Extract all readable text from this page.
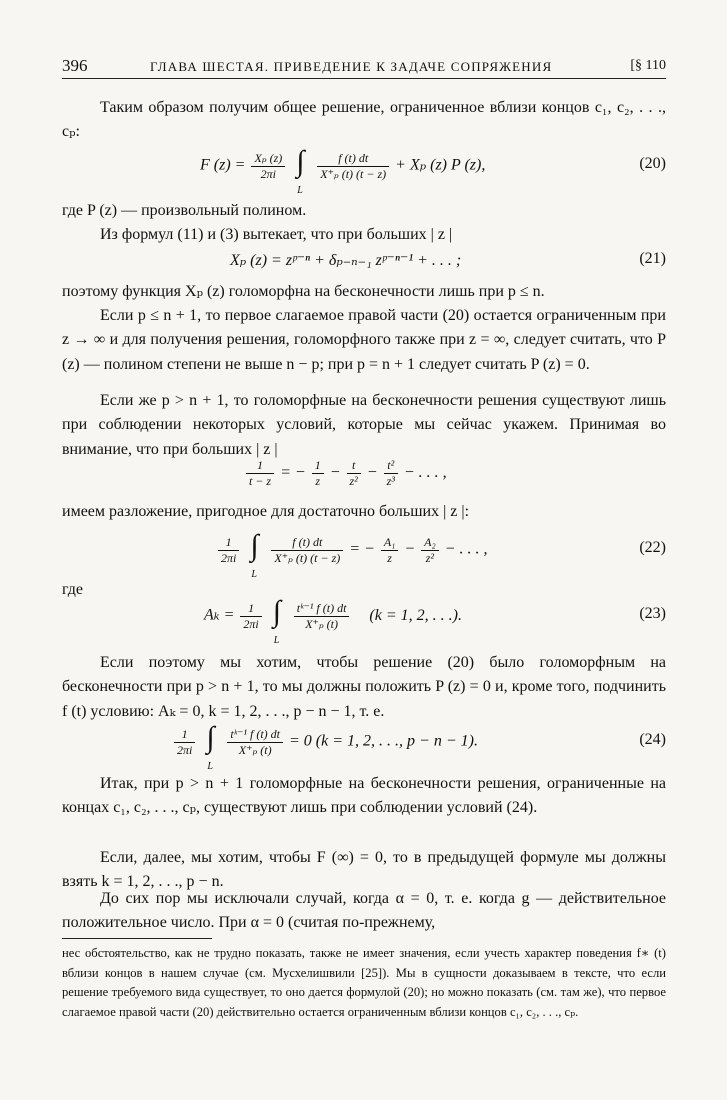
396	ГЛАВА ШЕСТАЯ. ПРИВЕДЕНИЕ К ЗАДАЧЕ СОПРЯЖЕНИЯ	[§ 110
Таким образом получим общее решение, ограниченное вблизи концов c₁, c₂, . . ., cₚ:
F $(z) = \frac{\text{Xₚ (z)}}{2\pi i}$
∫
L

$\frac{f (t) dt}{\text{X⁺ₚ (t) (t − z)}} + X_p$ (z) P (z),	(20)
где P (z) — произвольный полином.
Из формул (11) и (3) вытекает, что при больших | z |
Xₚ (z) = zᵖ⁻ⁿ + δₚ₋ₙ₋₁ zᵖ⁻ⁿ⁻¹ + . . . ;	(21)
поэтому функция Xₚ (z) голоморфна на бесконечности лишь при p ≤ n.
Если p ≤ n + 1, то первое слагаемое правой части (20) остается ограниченным при z → ∞ и для получения решения, голоморфного также при z = ∞, следует считать, что P (z) — полином степени не выше n − p; при p = n + 1 следует считать P (z) = 0.
Если же p > n + 1, то голоморфные на бесконечности решения существуют лишь при соблюдении некоторых условий, которые мы сейчас укажем. Принимая во внимание, что при больших | z |
$\frac{1}{t - z}$ = − $\frac{1}{z} - \frac{t}{\text{z²}} - \frac{\text{t²}}{\text{z³}}$ − . . . ,
имеем разложение, пригодное для достаточно больших | z |:
$\frac{1}{2\pi i}$
∫
L

$\frac{f (t) dt}{\text{X⁺ₚ (t) (t − z)}}$ = − $\frac{\text{A₁}}{z} - \frac{\text{A₂}}{\text{z²}}$ − . . . ,	(22)
где
$A_k = \frac{1}{2\pi i}$
∫
L

$\frac{\text{tᵏ⁻¹ f (t) dt}}{\text{X⁺ₚ (t)}} (k = 1$, 2, . . .).	(23)
Если поэтому мы хотим, чтобы решение (20) было голоморфным на бесконечности при p > n + 1, то мы должны положить P (z) = 0 и, кроме того, подчинить f (t) условию: Aₖ = 0, k = 1, 2, . . ., p − n − 1, т. е.
$\frac{1}{2\pi i}$
∫
L

$\frac{\text{tᵏ⁻¹ f (t) dt}}{\text{X⁺ₚ (t)}} = 0$ (k = 1, 2, . . ., p − n − 1).	(24)
Итак, при p > n + 1 голоморфные на бесконечности решения, ограниченные на концах c₁, c₂, . . ., cₚ, существуют лишь при соблюдении условий (24).
Если, далее, мы хотим, чтобы F (∞) = 0, то в предыдущей формуле мы должны взять k = 1, 2, . . ., p − n.
До сих пор мы исключали случай, когда α = 0, т. е. когда g — действительное положительное число. При α = 0 (считая по-прежнему,
нес обстоятельство, как не трудно показать, также не имеет значения, если учесть характер поведения f∗ (t) вблизи концов в нашем случае (см. Мусхелишвили [25]). Мы в сущности доказываем в тексте, что если решение требуемого вида существует, то оно дается формулой (20); но можно показать (см. там же), что первое слагаемое правой части (20) действительно остается ограниченным вблизи концов c₁, c₂, . . ., cₚ.
